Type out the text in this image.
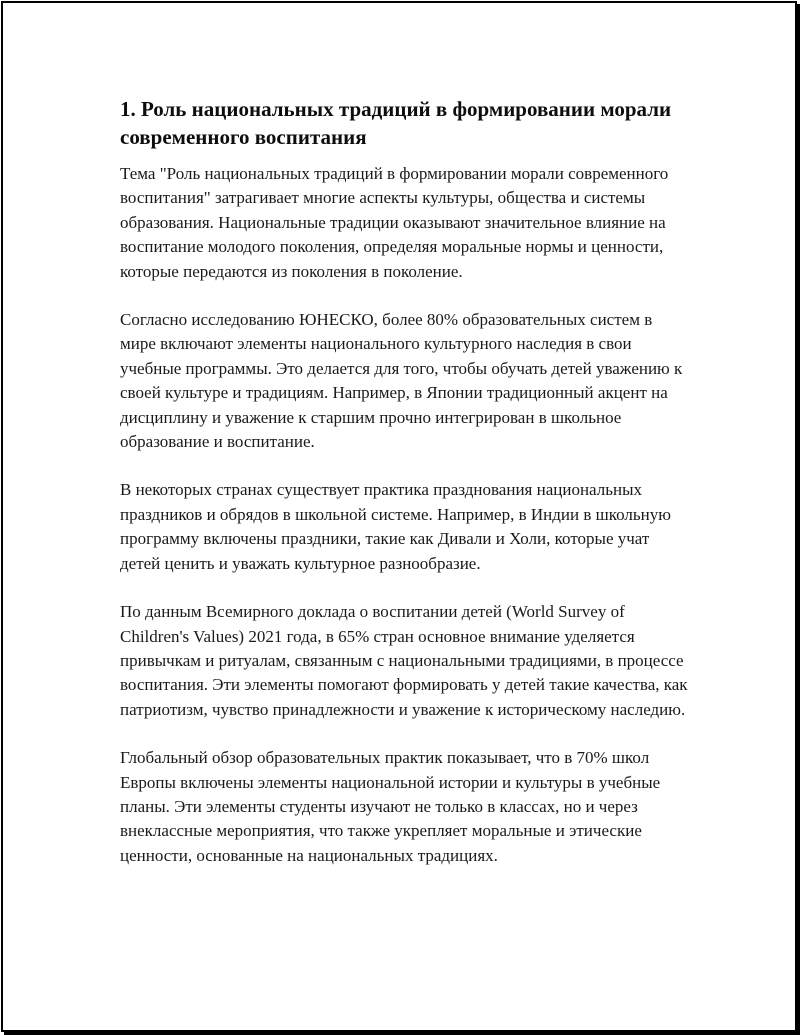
1. Роль национальных традиций в формировании морали современного воспитания

Тема "Роль национальных традиций в формировании морали современного воспитания" затрагивает многие аспекты культуры, общества и системы образования. Национальные традиции оказывают значительное влияние на воспитание молодого поколения, определяя моральные нормы и ценности, которые передаются из поколения в поколение.

Согласно исследованию ЮНЕСКО, более 80% образовательных систем в мире включают элементы национального культурного наследия в свои учебные программы. Это делается для того, чтобы обучать детей уважению к своей культуре и традициям. Например, в Японии традиционный акцент на дисциплину и уважение к старшим прочно интегрирован в школьное образование и воспитание.

В некоторых странах существует практика празднования национальных праздников и обрядов в школьной системе. Например, в Индии в школьную программу включены праздники, такие как Дивали и Холи, которые учат детей ценить и уважать культурное разнообразие.

По данным Всемирного доклада о воспитании детей (World Survey of Children's Values) 2021 года, в 65% стран основное внимание уделяется привычкам и ритуалам, связанным с национальными традициями, в процессе воспитания. Эти элементы помогают формировать у детей такие качества, как патриотизм, чувство принадлежности и уважение к историческому наследию.

Глобальный обзор образовательных практик показывает, что в 70% школ Европы включены элементы национальной истории и культуры в учебные планы. Эти элементы студенты изучают не только в классах, но и через внеклассные мероприятия, что также укрепляет моральные и этические ценности, основанные на национальных традициях.
